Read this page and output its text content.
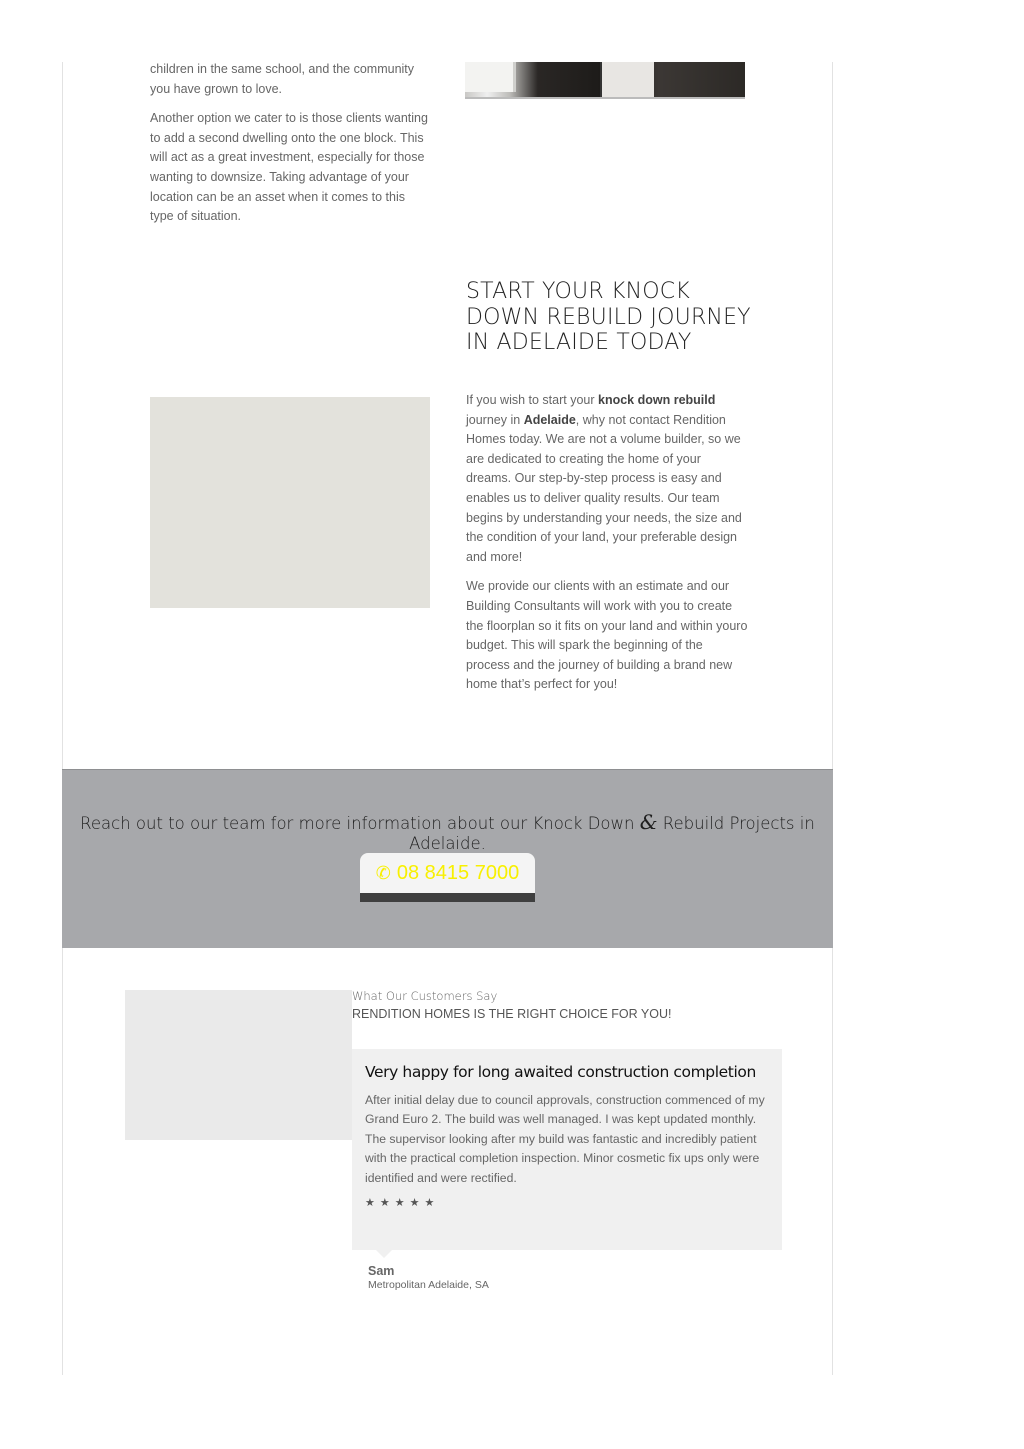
children in the same school, and the community you have grown to love.

Another option we cater to is those clients wanting to add a second dwelling onto the one block. This will act as a great investment, especially for those wanting to downsize. Taking advantage of your location can be an asset when it comes to this type of situation.

START YOUR KNOCK DOWN REBUILD JOURNEY IN ADELAIDE TODAY

If you wish to start your knock down rebuild journey in Adelaide, why not contact Rendition Homes today. We are not a volume builder, so we are dedicated to creating the home of your dreams. Our step-by-step process is easy and enables us to deliver quality results. Our team begins by understanding your needs, the size and the condition of your land, your preferable design and more!

We provide our clients with an estimate and our Building Consultants will work with you to create the floorplan so it fits on your land and within youro budget. This will spark the beginning of the process and the journey of building a brand new home that’s perfect for you!

Reach out to our team for more information about our Knock Down & Rebuild Projects in Adelaide.

✆ 08 8415 7000
What Our Customers Say
RENDITION HOMES IS THE RIGHT CHOICE FOR YOU!
Very happy for long awaited construction completion

After initial delay due to council approvals, construction commenced of my Grand Euro 2. The build was well managed. I was kept updated monthly. The supervisor looking after my build was fantastic and incredibly patient with the practical completion inspection. Minor cosmetic fix ups only were identified and were rectified.

★★★★★
Sam
Metropolitan Adelaide, SA
